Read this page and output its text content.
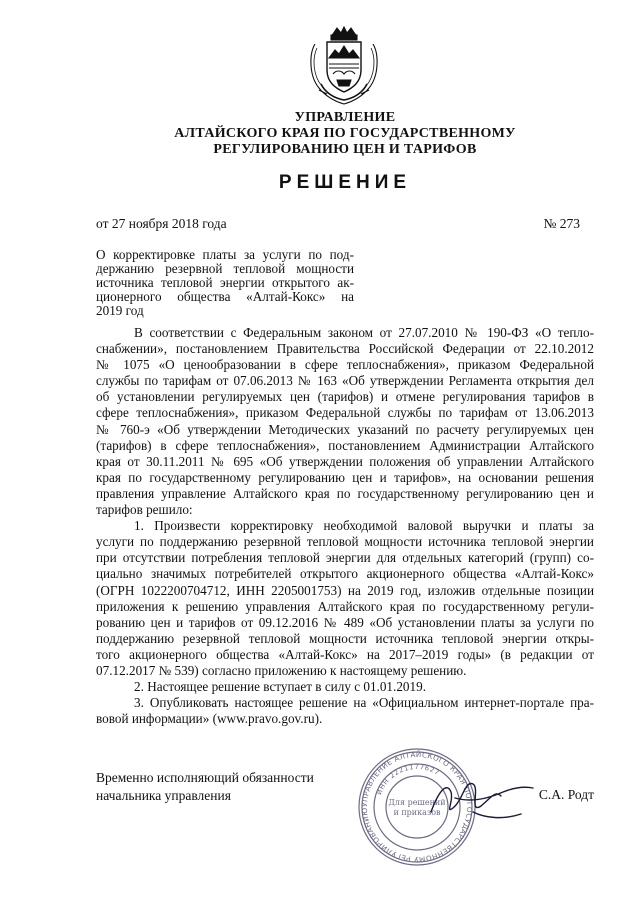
УПРАВЛЕНИЕ
АЛТАЙСКОГО КРАЯ ПО ГОСУДАРСТВЕННОМУ
РЕГУЛИРОВАНИЮ ЦЕН И ТАРИФОВ
РЕШЕНИЕ
от 27 ноября 2018 года	№ 273
О корректировке платы за услуги по под-
держанию резервной тепловой мощности
источника тепловой энергии открытого ак-
ционерного общества «Алтай-Кокс» на
2019 год
В соответствии с Федеральным законом от 27.07.2010 № 190-ФЗ «О тепло-
снабжении», постановлением Правительства Российской Федерации от 22.10.2012
№ 1075 «О ценообразовании в сфере теплоснабжения», приказом Федеральной
службы по тарифам от 07.06.2013 № 163 «Об утверждении Регламента открытия дел
об установлении регулируемых цен (тарифов) и отмене регулирования тарифов в
сфере теплоснабжения», приказом Федеральной службы по тарифам от 13.06.2013
№ 760-э «Об утверждении Методических указаний по расчету регулируемых цен
(тарифов) в сфере теплоснабжения», постановлением Администрации Алтайского
края от 30.11.2011 № 695 «Об утверждении положения об управлении Алтайского
края по государственному регулированию цен и тарифов», на основании решения
правления управление Алтайского края по государственному регулированию цен и
тарифов решило:
1. Произвести корректировку необходимой валовой выручки и платы за
услуги по поддержанию резервной тепловой мощности источника тепловой энергии
при отсутствии потребления тепловой энергии для отдельных категорий (групп) со-
циально значимых потребителей открытого акционерного общества «Алтай-Кокс»
(ОГРН 1022200704712, ИНН 2205001753) на 2019 год, изложив отдельные позиции
приложения к решению управления Алтайского края по государственному регули-
рованию цен и тарифов от 09.12.2016 № 489 «Об установлении платы за услуги по
поддержанию резервной тепловой мощности источника тепловой энергии откры-
того акционерного общества «Алтай-Кокс» на 2017–2019 годы» (в редакции от
07.12.2017 № 539) согласно приложению к настоящему решению.
2. Настоящее решение вступает в силу с 01.01.2019.
3. Опубликовать настоящее решение на «Официальном интернет-портале пра-
вовой информации» (www.pravo.gov.ru).
Временно исполняющий обязанности
начальника управления
УПРАВЛЕНИЕ АЛТАЙСКОГО КРАЯ ПО ГОСУДАРСТВЕННОМУ РЕГУЛИРОВАНИЮ
ИНН 2221177627
Для решений
и приказов
С.А. Родт
